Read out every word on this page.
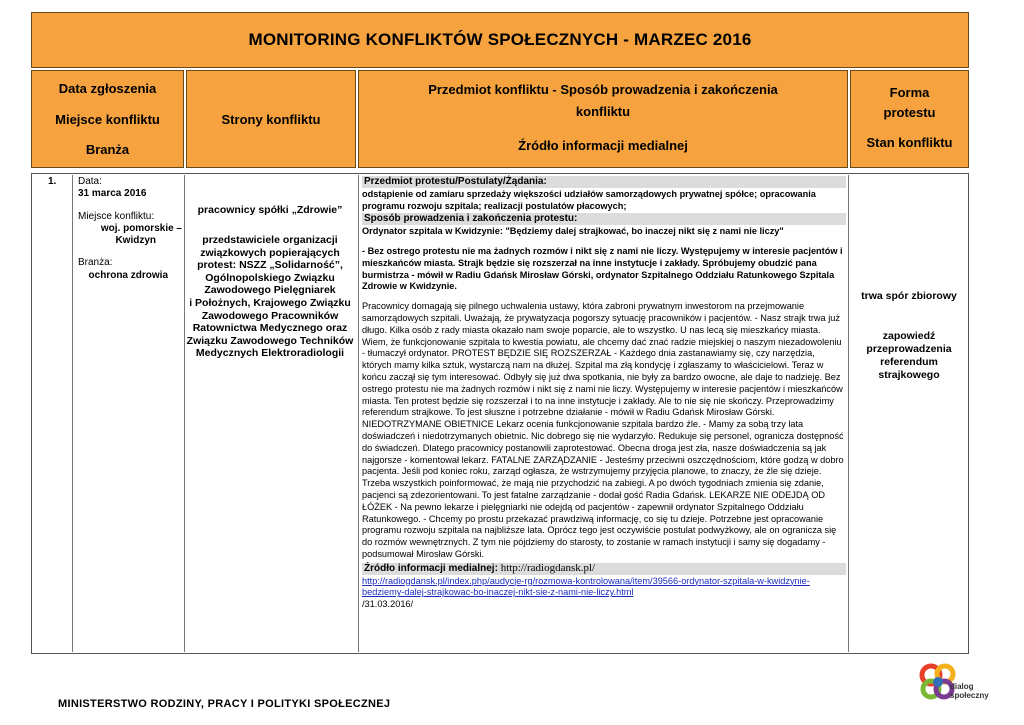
MONITORING KONFLIKTÓW SPOŁECZNYCH - MARZEC 2016
Data zgłoszenia
Miejsce konfliktu
Branża
Strony konfliktu
Przedmiot konfliktu - Sposób prowadzenia i zakończenia
konfliktu
Źródło informacji medialnej
Forma
protestu
Stan konfliktu
1. Data:
31 marca 2016
Miejsce konfliktu:
woj. pomorskie –
Kwidzyn
Branża:
ochrona zdrowia
pracownicy spółki „Zdrowie”
przedstawiciele organizacji
związkowych popierających
protest: NSZZ „Solidarność”,
Ogólnopolskiego Związku
Zawodowego Pielęgniarek
i Położnych, Krajowego Związku
Zawodowego Pracowników
Ratownictwa Medycznego oraz
Związku Zawodowego Techników
Medycznych Elektroradiologii
Przedmiot protestu/Postulaty/Żądania:
odstąpienie od zamiaru sprzedaży większości udziałów samorządowych prywatnej spółce; opracowania programu rozwoju szpitala; realizacji postulatów płacowych;
Sposób prowadzenia i zakończenia protestu:
Ordynator szpitala w Kwidzynie: "Będziemy dalej strajkować, bo inaczej nikt się z nami nie liczy"
- Bez ostrego protestu nie ma żadnych rozmów i nikt się z nami nie liczy. Występujemy w interesie pacjentów i mieszkańców miasta. Strajk będzie się rozszerzał na inne instytucje i zakłady. Spróbujemy obudzić pana burmistrza - mówił w Radiu Gdańsk Mirosław Górski, ordynator Szpitalnego Oddziału Ratunkowego Szpitala Zdrowie w Kwidzynie.
Pracownicy domagają się pilnego uchwalenia ustawy, która zabroni prywatnym inwestorom na przejmowanie samorządowych szpitali. Uważają, że prywatyzacja pogorszy sytuację pracowników i pacjentów. - Nasz strajk trwa już długo. Kilka osób z rady miasta okazało nam swoje poparcie, ale to wszystko. U nas lecą się mieszkańcy miasta. Wiem, że funkcjonowanie szpitala to kwestia powiatu, ale chcemy dać znać radzie miejskiej o naszym niezadowoleniu - tłumaczył ordynator. PROTEST BĘDZIE SIĘ ROZSZERZAŁ - Każdego dnia zastanawiamy się, czy narzędzia, których mamy kilka sztuk, wystarczą nam na dłużej. Szpital ma złą kondycję i zgłaszamy to właścicielowi. Teraz w końcu zaczął się tym interesować. Odbyły się już dwa spotkania, nie były za bardzo owocne, ale daje to nadzieję. Bez ostrego protestu nie ma żadnych rozmów i nikt się z nami nie liczy. Występujemy w interesie pacjentów i mieszkańców miasta. Ten protest będzie się rozszerzał i to na inne instytucje i zakłady. Ale to nie się nie skończy. Przeprowadzimy referendum strajkowe. To jest słuszne i potrzebne działanie - mówił w Radiu Gdańsk Mirosław Górski. NIEDOTRZYMANE OBIETNICE Lekarz ocenia funkcjonowanie szpitala bardzo źle. - Mamy za sobą trzy lata doświadczeń i niedotrzymanych obietnic. Nic dobrego się nie wydarzyło. Redukuje się personel, ogranicza dostępność do świadczeń. Dlatego pracownicy postanowili zaprotestować. Obecna droga jest zła, nasze doświadczenia są jak najgorsze - komentował lekarz. FATALNE ZARZĄDZANIE - Jesteśmy przeciwni oszczędnościom, które godzą w dobro pacjenta. Jeśli pod koniec roku, zarząd ogłasza, że wstrzymujemy przyjęcia planowe, to znaczy, że źle się dzieje. Trzeba wszystkich poinformować, że mają nie przychodzić na zabiegi. A po dwóch tygodniach zmienia się zdanie, pacjenci są zdezorientowani. To jest fatalne zarządzanie - dodał gość Radia Gdańsk. LEKARZE NIE ODEJDĄ OD ŁÓŻEK - Na pewno lekarze i pielęgniarki nie odejdą od pacjentów - zapewnił ordynator Szpitalnego Oddziału Ratunkowego. - Chcemy po prostu przekazać prawdziwą informację, co się tu dzieje. Potrzebne jest opracowanie programu rozwoju szpitala na najbliższe lata. Oprócz tego jest oczywiście postulat podwyżkowy, ale on ogranicza się do rozmów wewnętrznych. Z tym nie pójdziemy do starosty, to zostanie w ramach instytucji i samy się dogadamy - podsumował Mirosław Górski.
Źródło informacji medialnej: http://radiogdansk.pl/
http://radiogdansk.pl/index.php/audycje-rg/rozmowa-kontrolowana/item/39566-ordynator-szpitala-w-kwidzynie-bedziemy-dalej-strajkowac-bo-inaczej-nikt-sie-z-nami-nie-liczy.html
/31.03.2016/
trwa spór zbiorowy
zapowiedź
przeprowadzenia
referendum
strajkowego
MINISTERSTWO RODZINY, PRACY I POLITYKI SPOŁECZNEJ
dialog
społeczny
